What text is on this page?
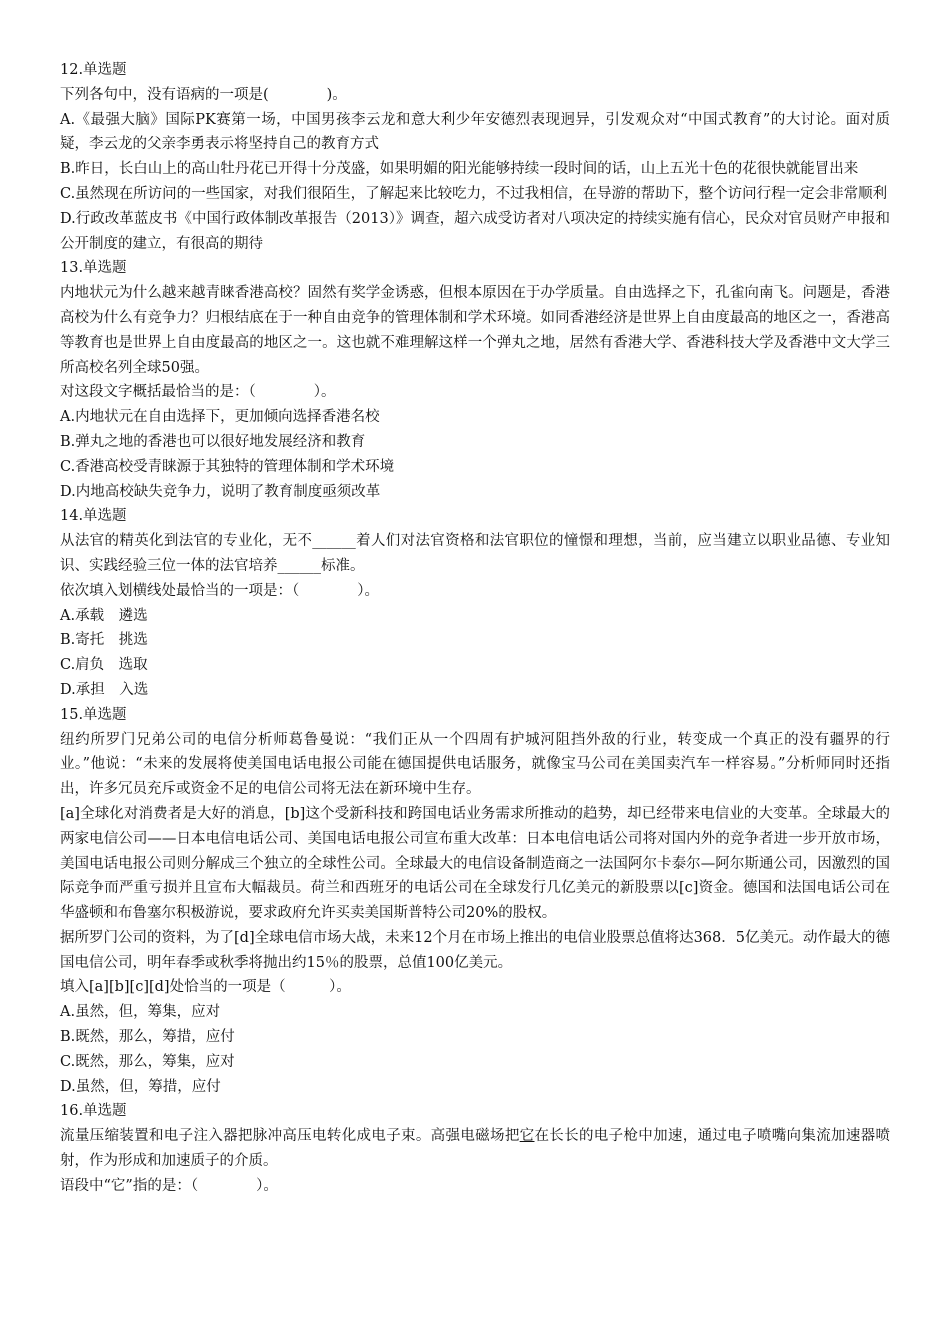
12.单选题

下列各句中，没有语病的一项是(　　　　)。

A.《最强大脑》国际PK赛第一场，中国男孩李云龙和意大利少年安德烈表现迥异，引发观众对“中国式教育”的大讨论。面对质疑，李云龙的父亲李勇表示将坚持自己的教育方式

B.昨日，长白山上的高山牡丹花已开得十分茂盛，如果明媚的阳光能够持续一段时间的话，山上五光十色的花很快就能冒出来

C.虽然现在所访问的一些国家，对我们很陌生，了解起来比较吃力，不过我相信，在导游的帮助下，整个访问行程一定会非常顺利

D.行政改革蓝皮书《中国行政体制改革报告（2013）》调查，超六成受访者对八项决定的持续实施有信心，民众对官员财产申报和公开制度的建立，有很高的期待

13.单选题

内地状元为什么越来越青睐香港高校？固然有奖学金诱惑，但根本原因在于办学质量。自由选择之下，孔雀向南飞。问题是，香港高校为什么有竞争力？归根结底在于一种自由竞争的管理体制和学术环境。如同香港经济是世界上自由度最高的地区之一，香港高等教育也是世界上自由度最高的地区之一。这也就不难理解这样一个弹丸之地，居然有香港大学、香港科技大学及香港中文大学三所高校名列全球50强。

对这段文字概括最恰当的是：（　　　　）。

A.内地状元在自由选择下，更加倾向选择香港名校

B.弹丸之地的香港也可以很好地发展经济和教育

C.香港高校受青睐源于其独特的管理体制和学术环境

D.内地高校缺失竞争力，说明了教育制度亟须改革

14.单选题

从法官的精英化到法官的专业化，无不______着人们对法官资格和法官职位的憧憬和理想，当前，应当建立以职业品德、专业知识、实践经验三位一体的法官培养______标准。

依次填入划横线处最恰当的一项是：（　　　　）。

A.承载　遴选

B.寄托　挑选

C.肩负　选取

D.承担　入选

15.单选题

纽约所罗门兄弟公司的电信分析师葛鲁曼说：“我们正从一个四周有护城河阻挡外敌的行业，转变成一个真正的没有疆界的行业。”他说：“未来的发展将使美国电话电报公司能在德国提供电话服务，就像宝马公司在美国卖汽车一样容易。”分析师同时还指出，许多冗员充斥或资金不足的电信公司将无法在新环境中生存。

[a]全球化对消费者是大好的消息，[b]这个受新科技和跨国电话业务需求所推动的趋势，却已经带来电信业的大变革。全球最大的两家电信公司——日本电信电话公司、美国电话电报公司宣布重大改革：日本电信电话公司将对国内外的竞争者进一步开放市场，美国电话电报公司则分解成三个独立的全球性公司。全球最大的电信设备制造商之一法国阿尔卡泰尔—阿尔斯通公司，因激烈的国际竞争而严重亏损并且宣布大幅裁员。荷兰和西班牙的电话公司在全球发行几亿美元的新股票以[c]资金。德国和法国电话公司在华盛顿和布鲁塞尔积极游说，要求政府允许买卖美国斯普特公司20%的股权。

据所罗门公司的资料，为了[d]全球电信市场大战，未来12个月在市场上推出的电信业股票总值将达368．5亿美元。动作最大的德国电信公司，明年春季或秋季将抛出约15％的股票，总值100亿美元。

填入[a][b][c][d]处恰当的一项是（　　　）。

A.虽然，但，筹集，应对

B.既然，那么，筹措，应付

C.既然，那么，筹集，应对

D.虽然，但，筹措，应付

16.单选题

流量压缩装置和电子注入器把脉冲高压电转化成电子束。高强电磁场把它在长长的电子枪中加速，通过电子喷嘴向集流加速器喷射，作为形成和加速质子的介质。

语段中“它”指的是：（　　　　）。
